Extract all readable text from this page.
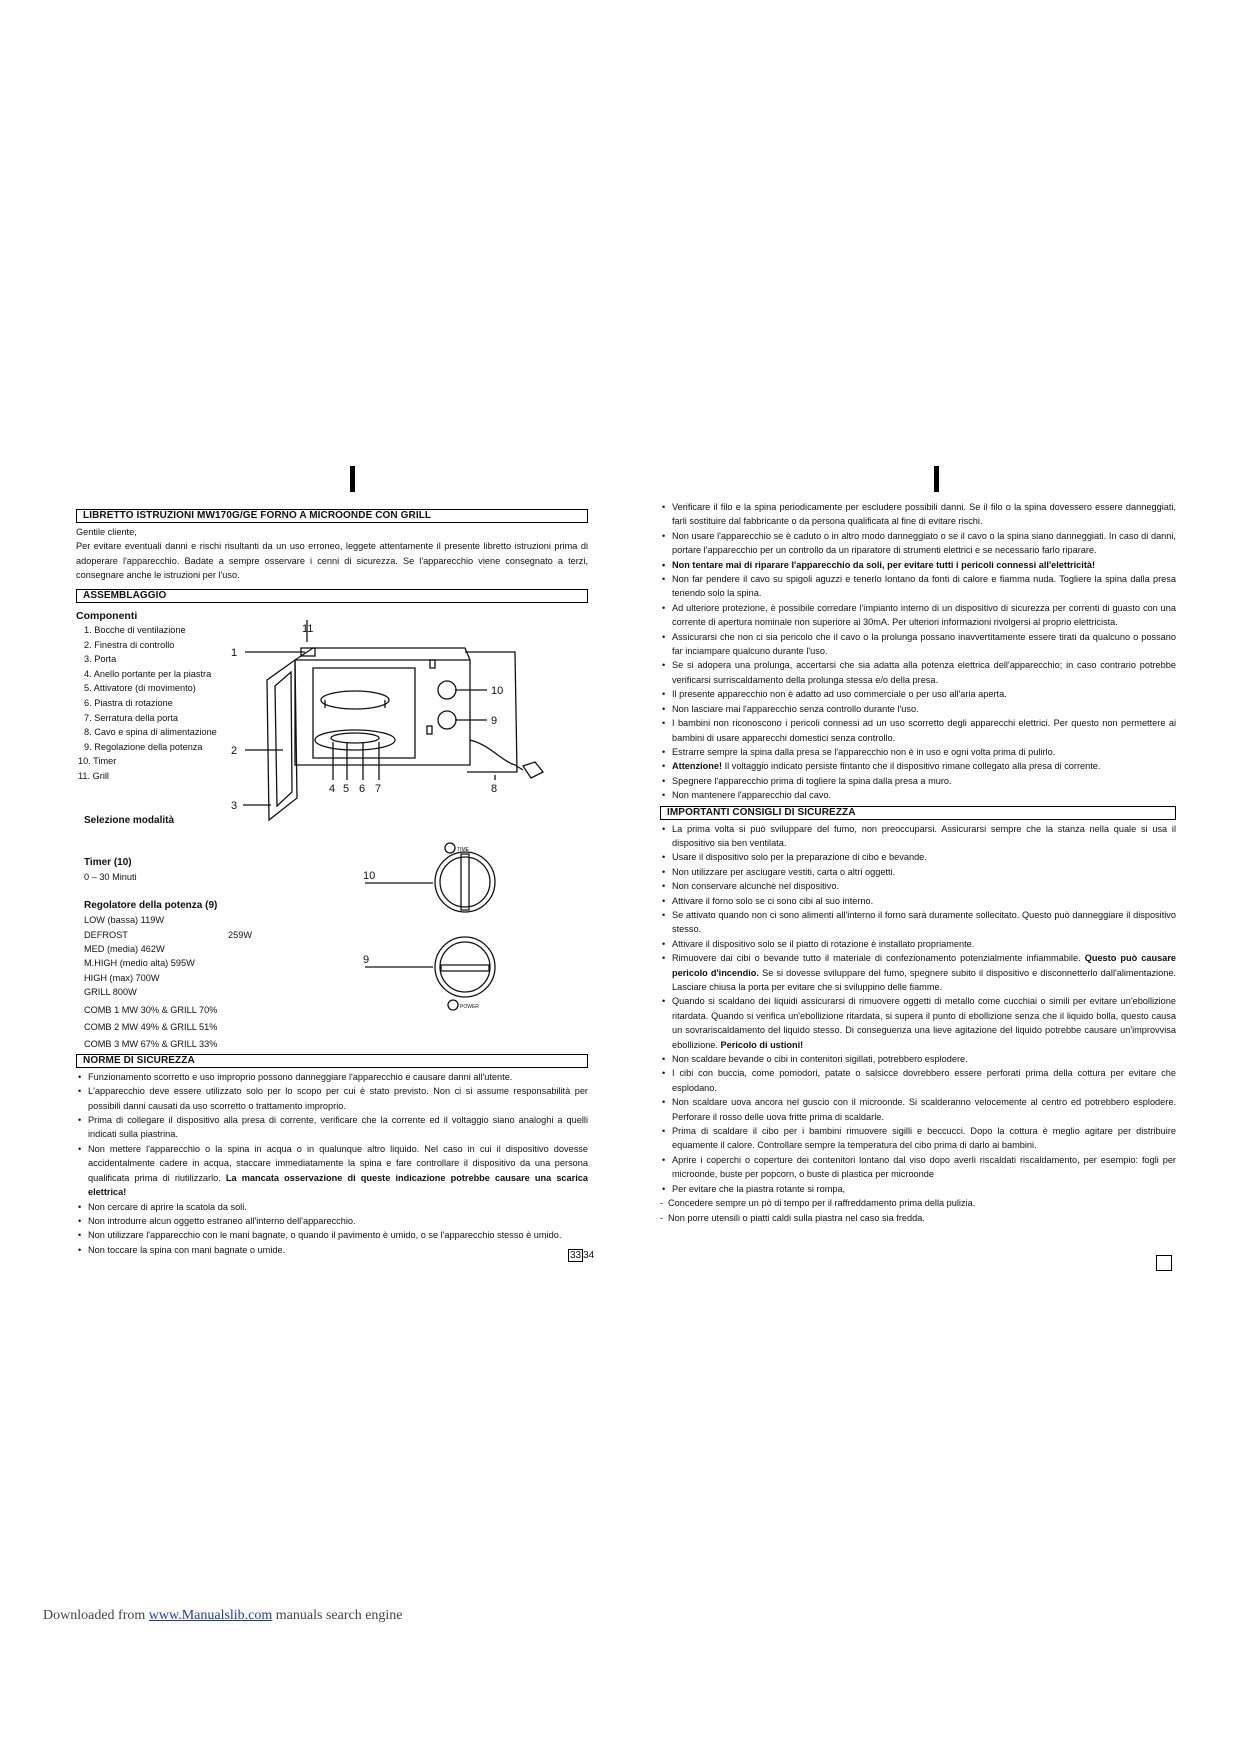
LIBRETTO ISTRUZIONI MW170G/GE FORNO A MICROONDE CON GRILL

Gentile cliente,

Per evitare eventuali danni e rischi risultanti da un uso erroneo, leggete attentamente il presente libretto istruzioni prima di adoperare l'apparecchio. Badate a sempre osservare i cenni di sicurezza. Se l'apparecchio viene consegnato a terzi, consegnare anche le istruzioni per l'uso.

ASSEMBLAGGIO
Componenti
1. Bocche di ventilazione
2. Finestra di controllo
3. Porta
4. Anello portante per la piastra
5. Attivatore (di movimento)
6. Piastra di rotazione
7. Serratura della porta
8. Cavo e spina di alimentazione
9. Regolazione della potenza
10. Timer
11. Grill
Selezione modalità
Timer (10)

0 – 30 Minuti

Regolatore della potenza (9)

LOW (bassa) 119W

DEFROST	259W

MED (media) 462W

M.HIGH (medio alta) 595W

HIGH (max) 700W

GRILL 800W

COMB 1 MW 30% & GRILL 70%

COMB 2 MW 49% & GRILL 51%

COMB 3 MW 67% & GRILL 33%

NORME DI SICUREZZA
• Funzionamento scorretto e uso improprio possono danneggiare l'apparecchio e causare danni all'utente.
• L'apparecchio deve essere utilizzato solo per lo scopo per cui è stato previsto. Non ci si assume responsabilità per possibili danni causati da uso scorretto o trattamento improprio.
• Prima di collegare il dispositivo alla presa di corrente, verificare che la corrente ed il voltaggio siano analoghi a quelli indicati sulla piastrina.
• Non mettere l'apparecchio o la spina in acqua o in qualunque altro liquido. Nel caso in cui il dispositivo dovesse accidentalmente cadere in acqua, staccare immediatamente la spina e fare controllare il dispositivo da una persona qualificata prima di riutilizzarlo. La mancata osservazione di queste indicazione potrebbe causare una scarica elettrica!
• Non cercare di aprire la scatola da soli.
• Non introdurre alcun oggetto estraneo all'interno dell'apparecchio.
• Non utilizzare l'apparecchio con le mani bagnate, o quando il pavimento è umido, o se l'apparecchio stesso è umido.
• Non toccare la spina con mani bagnate o umide.
1
11
10
9
2
3
4 5 6 7	8
10
9
TIME
POWER
33 34
• Verificare il filo e la spina periodicamente per escludere possibili danni. Se il filo o la spina dovessero essere danneggiati, farli sostituire dal fabbricante o da persona qualificata al fine di evitare rischi.
• Non usare l'apparecchio se è caduto o in altro modo danneggiato o se il cavo o la spina siano danneggiati. In caso di danni, portare l'apparecchio per un controllo da un riparatore di strumenti elettrici e se necessario farlo riparare.
• Non tentare mai di riparare l'apparecchio da soli, per evitare tutti i pericoli connessi all'elettricità!
• Non far pendere il cavo su spigoli aguzzi e tenerlo lontano da fonti di calore e fiamma nuda. Togliere la spina dalla presa tenendo solo la spina.
• Ad ulteriore protezione, è possibile corredare l'impianto interno di un dispositivo di sicurezza per correnti di guasto con una corrente di apertura nominale non superiore ai 30mA. Per ulteriori informazioni rivolgersi al proprio elettricista.
• Assicurarsi che non ci sia pericolo che il cavo o la prolunga possano inavvertitamente essere tirati da qualcuno o possano far inciampare qualcuno durante l'uso.
• Se si adopera una prolunga, accertarsi che sia adatta alla potenza elettrica dell'apparecchio; in caso contrario potrebbe verificarsi surriscaldamento della prolunga stessa e/o della presa.
• Il presente apparecchio non è adatto ad uso commerciale o per uso all'aria aperta.
• Non lasciare mai l'apparecchio senza controllo durante l'uso.
• I bambini non riconoscono i pericoli connessi ad un uso scorretto degli apparecchi elettrici. Per questo non permettere ai bambini di usare apparecchi domestici senza controllo.
• Estrarre sempre la spina dalla presa se l'apparecchio non è in uso e ogni volta prima di pulirlo.
• Attenzione! Il voltaggio indicato persiste fintanto che il dispositivo rimane collegato alla presa di corrente.
• Spegnere l'apparecchio prima di togliere la spina dalla presa a muro.
• Non mantenere l'apparecchio dal cavo.
IMPORTANTI CONSIGLI DI SICUREZZA
• La prima volta si può sviluppare del fumo, non preoccuparsi. Assicurarsi sempre che la stanza nella quale si usa il dispositivo sia ben ventilata.
• Usare il dispositivo solo per la preparazione di cibo e bevande.
• Non utilizzare per asciugare vestiti, carta o altri oggetti.
• Non conservare alcunchè nel dispositivo.
• Attivare il forno solo se ci sono cibi al suo interno.
• Se attivato quando non ci sono alimenti all'interno il forno sarà duramente sollecitato. Questo può danneggiare il dispositivo stesso.
• Attivare il dispositivo solo se il piatto di rotazione è installato propriamente.
• Rimuovere dai cibi o bevande tutto il materiale di confezionamento potenzialmente infiammabile. Questo può causare pericolo d'incendio. Se si dovesse sviluppare del fumo, spegnere subito il dispositivo e disconnetterlo dall'alimentazione. Lasciare chiusa la porta per evitare che si sviluppino delle fiamme.
• Quando si scaldano dei liquidi assicurarsi di rimuovere oggetti di metallo come cucchiai o simili per evitare un'ebollizione ritardata. Quando si verifica un'ebollizione ritardata, si supera il punto di ebollizione senza che il liquido bolla, questo causa un sovrariscaldamento del liquido stesso. Di conseguenza una lieve agitazione del liquido potrebbe causare un'improvvisa ebollizione. Pericolo di ustioni!
• Non scaldare bevande o cibi in contenitori sigillati, potrebbero esplodere.
• I cibi con buccia, come pomodori, patate o salsicce dovrebbero essere perforati prima della cottura per evitare che esplodano.
• Non scaldare uova ancora nel guscio con il microonde. Si scalderanno velocemente al centro ed potrebbero esplodere. Perforare il rosso delle uova fritte prima di scaldarle.
• Prima di scaldare il cibo per i bambini rimuovere sigilli e beccucci. Dopo la cottura è meglio agitare per distribuire equamente il calore. Controllare sempre la temperatura del cibo prima di darlo ai bambini.
• Aprire i coperchi o coperture dei contenitori lontano dal viso dopo averli riscaldati riscaldamento, per esempio: fogli per microonde, buste per popcorn, o buste di plastica per microonde
• Per evitare che la piastra rotante si rompa,
- Concedere sempre un pò di tempo per il raffreddamento prima della pulizia.
- Non porre utensili o piatti caldi sulla piastra nel caso sia fredda.
Downloaded from www.Manualslib.com manuals search engine
